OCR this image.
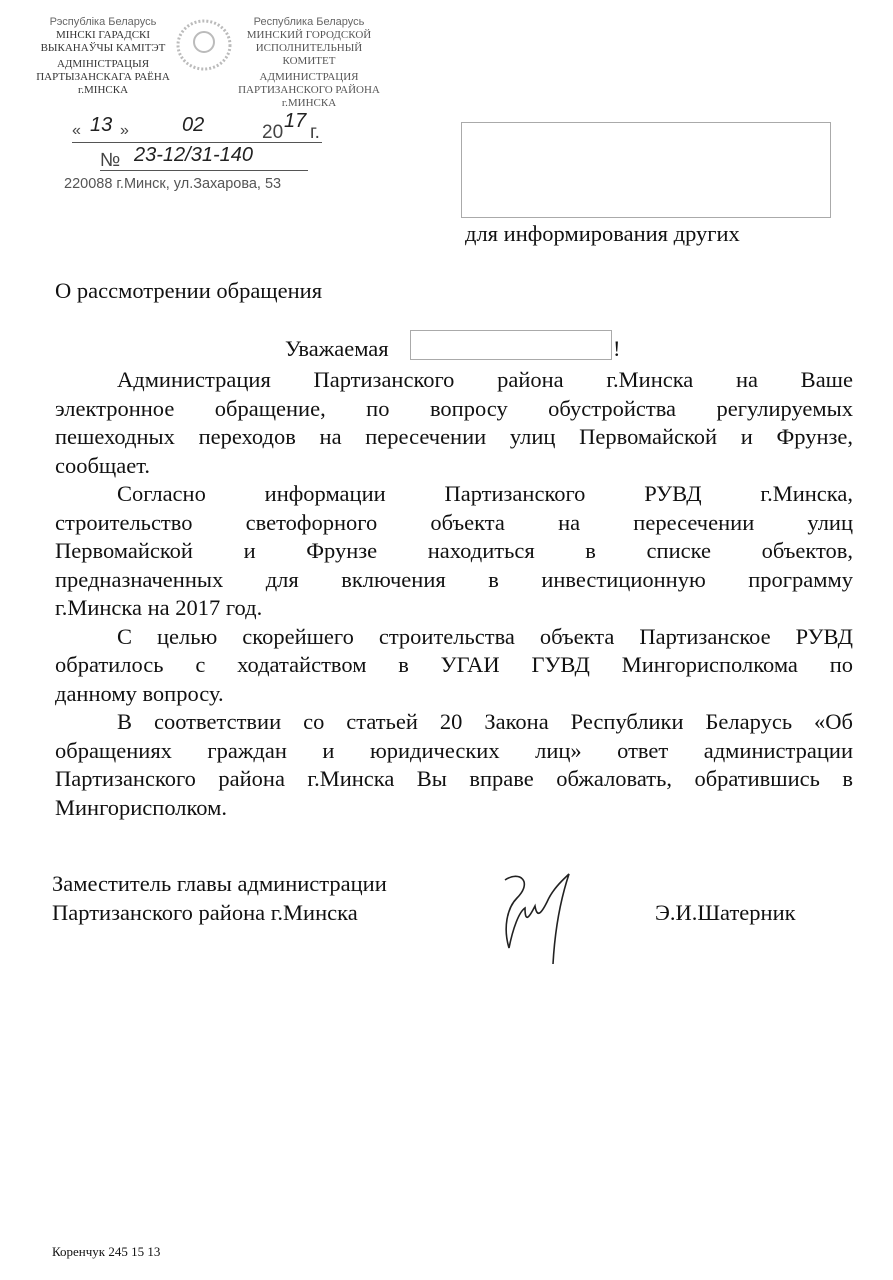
Рэспубліка Беларусь
МІНСКІ ГАРАДСКІ
ВЫКАНАЎЧЫ КАМІТЭТ
АДМІНІСТРАЦЫЯ
ПАРТЫЗАНСКАГА РАЁНА
г.МІНСКА
Республика Беларусь
МИНСКИЙ ГОРОДСКОЙ
ИСПОЛНИТЕЛЬНЫЙ КОМИТЕТ
АДМИНИСТРАЦИЯ
ПАРТИЗАНСКОГО РАЙОНА
г.МИНСКА
« 13 »	02	20
17
г.
№ 23-12/31-140
220088 г.Минск, ул.Захарова, 53
для информирования других
О рассмотрении обращения
Уважаемая	!
Администрация Партизанского района г.Минска на Ваше
электронное обращение, по вопросу обустройства регулируемых
пешеходных переходов на пересечении улиц Первомайской и Фрунзе,
сообщает.
Согласно информации Партизанского РУВД г.Минска,
строительство светофорного объекта на пересечении улиц
Первомайской и Фрунзе находиться в списке объектов,
предназначенных для включения в инвестиционную программу
г.Минска на 2017 год.
С целью скорейшего строительства объекта Партизанское РУВД
обратилось с ходатайством в УГАИ ГУВД Мингорисполкома по
данному вопросу.
В соответствии со статьей 20 Закона Республики Беларусь «Об
обращениях граждан и юридических лиц» ответ администрации
Партизанского района г.Минска Вы вправе обжаловать, обратившись в
Мингорисполком.
Заместитель главы администрации
Партизанского района г.Минска	Э.И.Шатерник
Коренчук 245 15 13
